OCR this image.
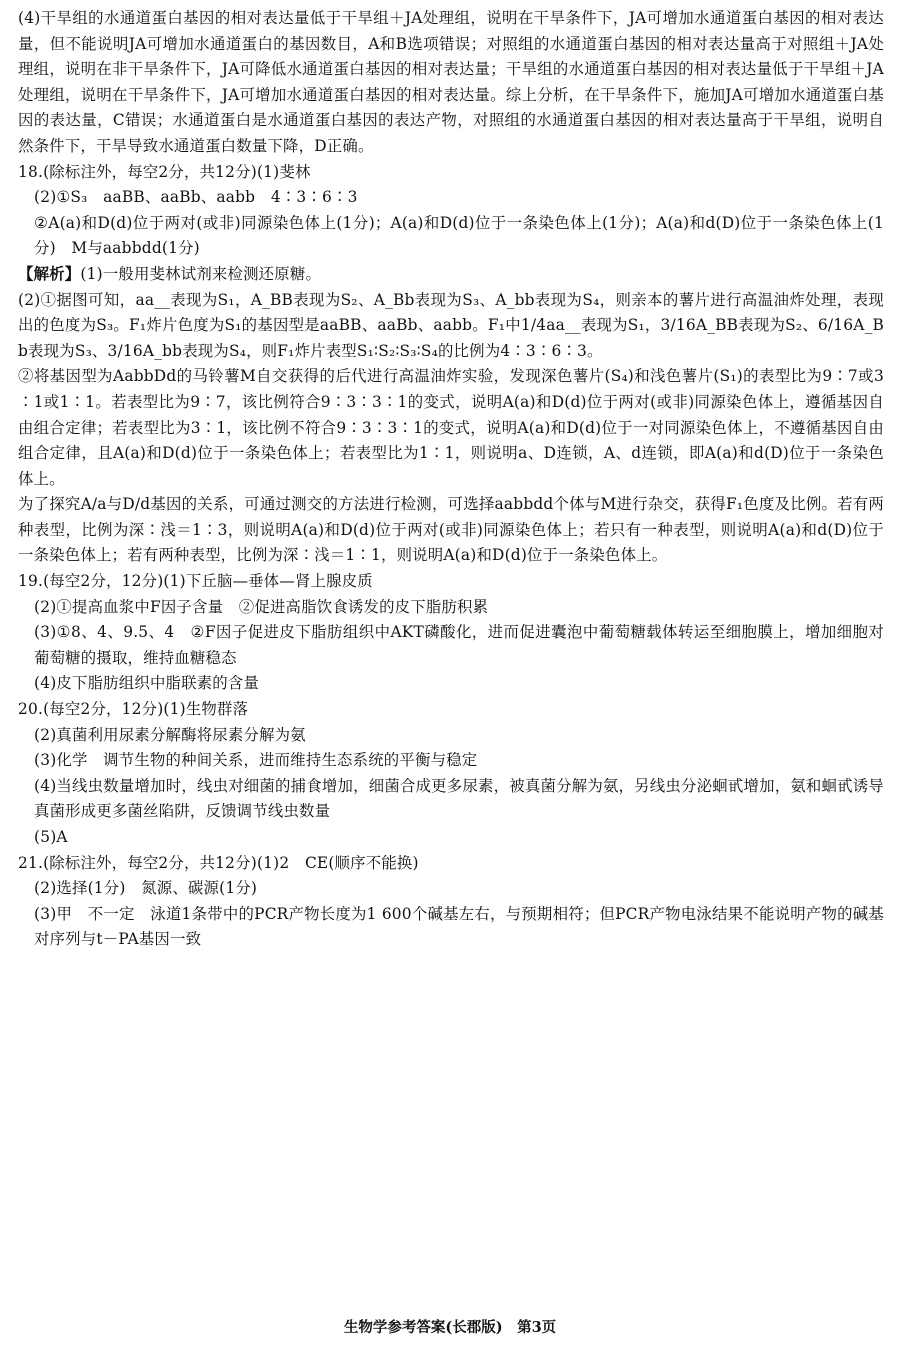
(4)干旱组的水通道蛋白基因的相对表达量低于干旱组＋JA处理组，说明在干旱条件下，JA可增加水通道蛋白基因的相对表达量，但不能说明JA可增加水通道蛋白的基因数目，A和B选项错误；对照组的水通道蛋白基因的相对表达量高于对照组＋JA处理组，说明在非干旱条件下，JA可降低水通道蛋白基因的相对表达量；干旱组的水通道蛋白基因的相对表达量低于干旱组＋JA处理组，说明在干旱条件下，JA可增加水通道蛋白基因的相对表达量。综上分析，在干旱条件下，施加JA可增加水通道蛋白基因的表达量，C错误；水通道蛋白是水通道蛋白基因的表达产物，对照组的水通道蛋白基因的相对表达量高于干旱组，说明自然条件下，干旱导致水通道蛋白数量下降，D正确。

18.(除标注外，每空2分，共12分)(1)斐林

(2)①S₃　aaBB、aaBb、aabb　4∶3∶6∶3

②A(a)和D(d)位于两对(或非)同源染色体上(1分)；A(a)和D(d)位于一条染色体上(1分)；A(a)和d(D)位于一条染色体上(1分)　M与aabbdd(1分)

【解析】(1)一般用斐林试剂来检测还原糖。

(2)①据图可知，aa__表现为S₁，A_BB表现为S₂、A_Bb表现为S₃、A_bb表现为S₄，则亲本的薯片进行高温油炸处理，表现出的色度为S₃。F₁炸片色度为S₁的基因型是aaBB、aaBb、aabb。F₁中1/4aa__表现为S₁，3/16A_BB表现为S₂、6/16A_Bb表现为S₃、3/16A_bb表现为S₄，则F₁炸片表型S₁∶S₂∶S₃∶S₄的比例为4∶3∶6∶3。

②将基因型为AabbDd的马铃薯M自交获得的后代进行高温油炸实验，发现深色薯片(S₄)和浅色薯片(S₁)的表型比为9∶7或3∶1或1∶1。若表型比为9∶7，该比例符合9∶3∶3∶1的变式，说明A(a)和D(d)位于两对(或非)同源染色体上，遵循基因自由组合定律；若表型比为3∶1，该比例不符合9∶3∶3∶1的变式，说明A(a)和D(d)位于一对同源染色体上，不遵循基因自由组合定律，且A(a)和D(d)位于一条染色体上；若表型比为1∶1，则说明a、D连锁，A、d连锁，即A(a)和d(D)位于一条染色体上。

为了探究A/a与D/d基因的关系，可通过测交的方法进行检测，可选择aabbdd个体与M进行杂交，获得F₁色度及比例。若有两种表型，比例为深∶浅＝1∶3，则说明A(a)和D(d)位于两对(或非)同源染色体上；若只有一种表型，则说明A(a)和d(D)位于一条染色体上；若有两种表型，比例为深∶浅＝1∶1，则说明A(a)和D(d)位于一条染色体上。

19.(每空2分，12分)(1)下丘脑—垂体—肾上腺皮质

(2)①提高血浆中F因子含量　②促进高脂饮食诱发的皮下脂肪积累

(3)①8、4、9.5、4　②F因子促进皮下脂肪组织中AKT磷酸化，进而促进囊泡中葡萄糖载体转运至细胞膜上，增加细胞对葡萄糖的摄取，维持血糖稳态

(4)皮下脂肪组织中脂联素的含量

20.(每空2分，12分)(1)生物群落

(2)真菌利用尿素分解酶将尿素分解为氨

(3)化学　调节生物的种间关系，进而维持生态系统的平衡与稳定

(4)当线虫数量增加时，线虫对细菌的捕食增加，细菌合成更多尿素，被真菌分解为氨，另线虫分泌蛔甙增加，氨和蛔甙诱导真菌形成更多菌丝陷阱，反馈调节线虫数量

(5)A

21.(除标注外，每空2分，共12分)(1)2　CE(顺序不能换)

(2)选择(1分)　氮源、碳源(1分)

(3)甲　不一定　泳道1条带中的PCR产物长度为1 600个碱基左右，与预期相符；但PCR产物电泳结果不能说明产物的碱基对序列与t－PA基因一致

生物学参考答案(长郡版)　第3页
